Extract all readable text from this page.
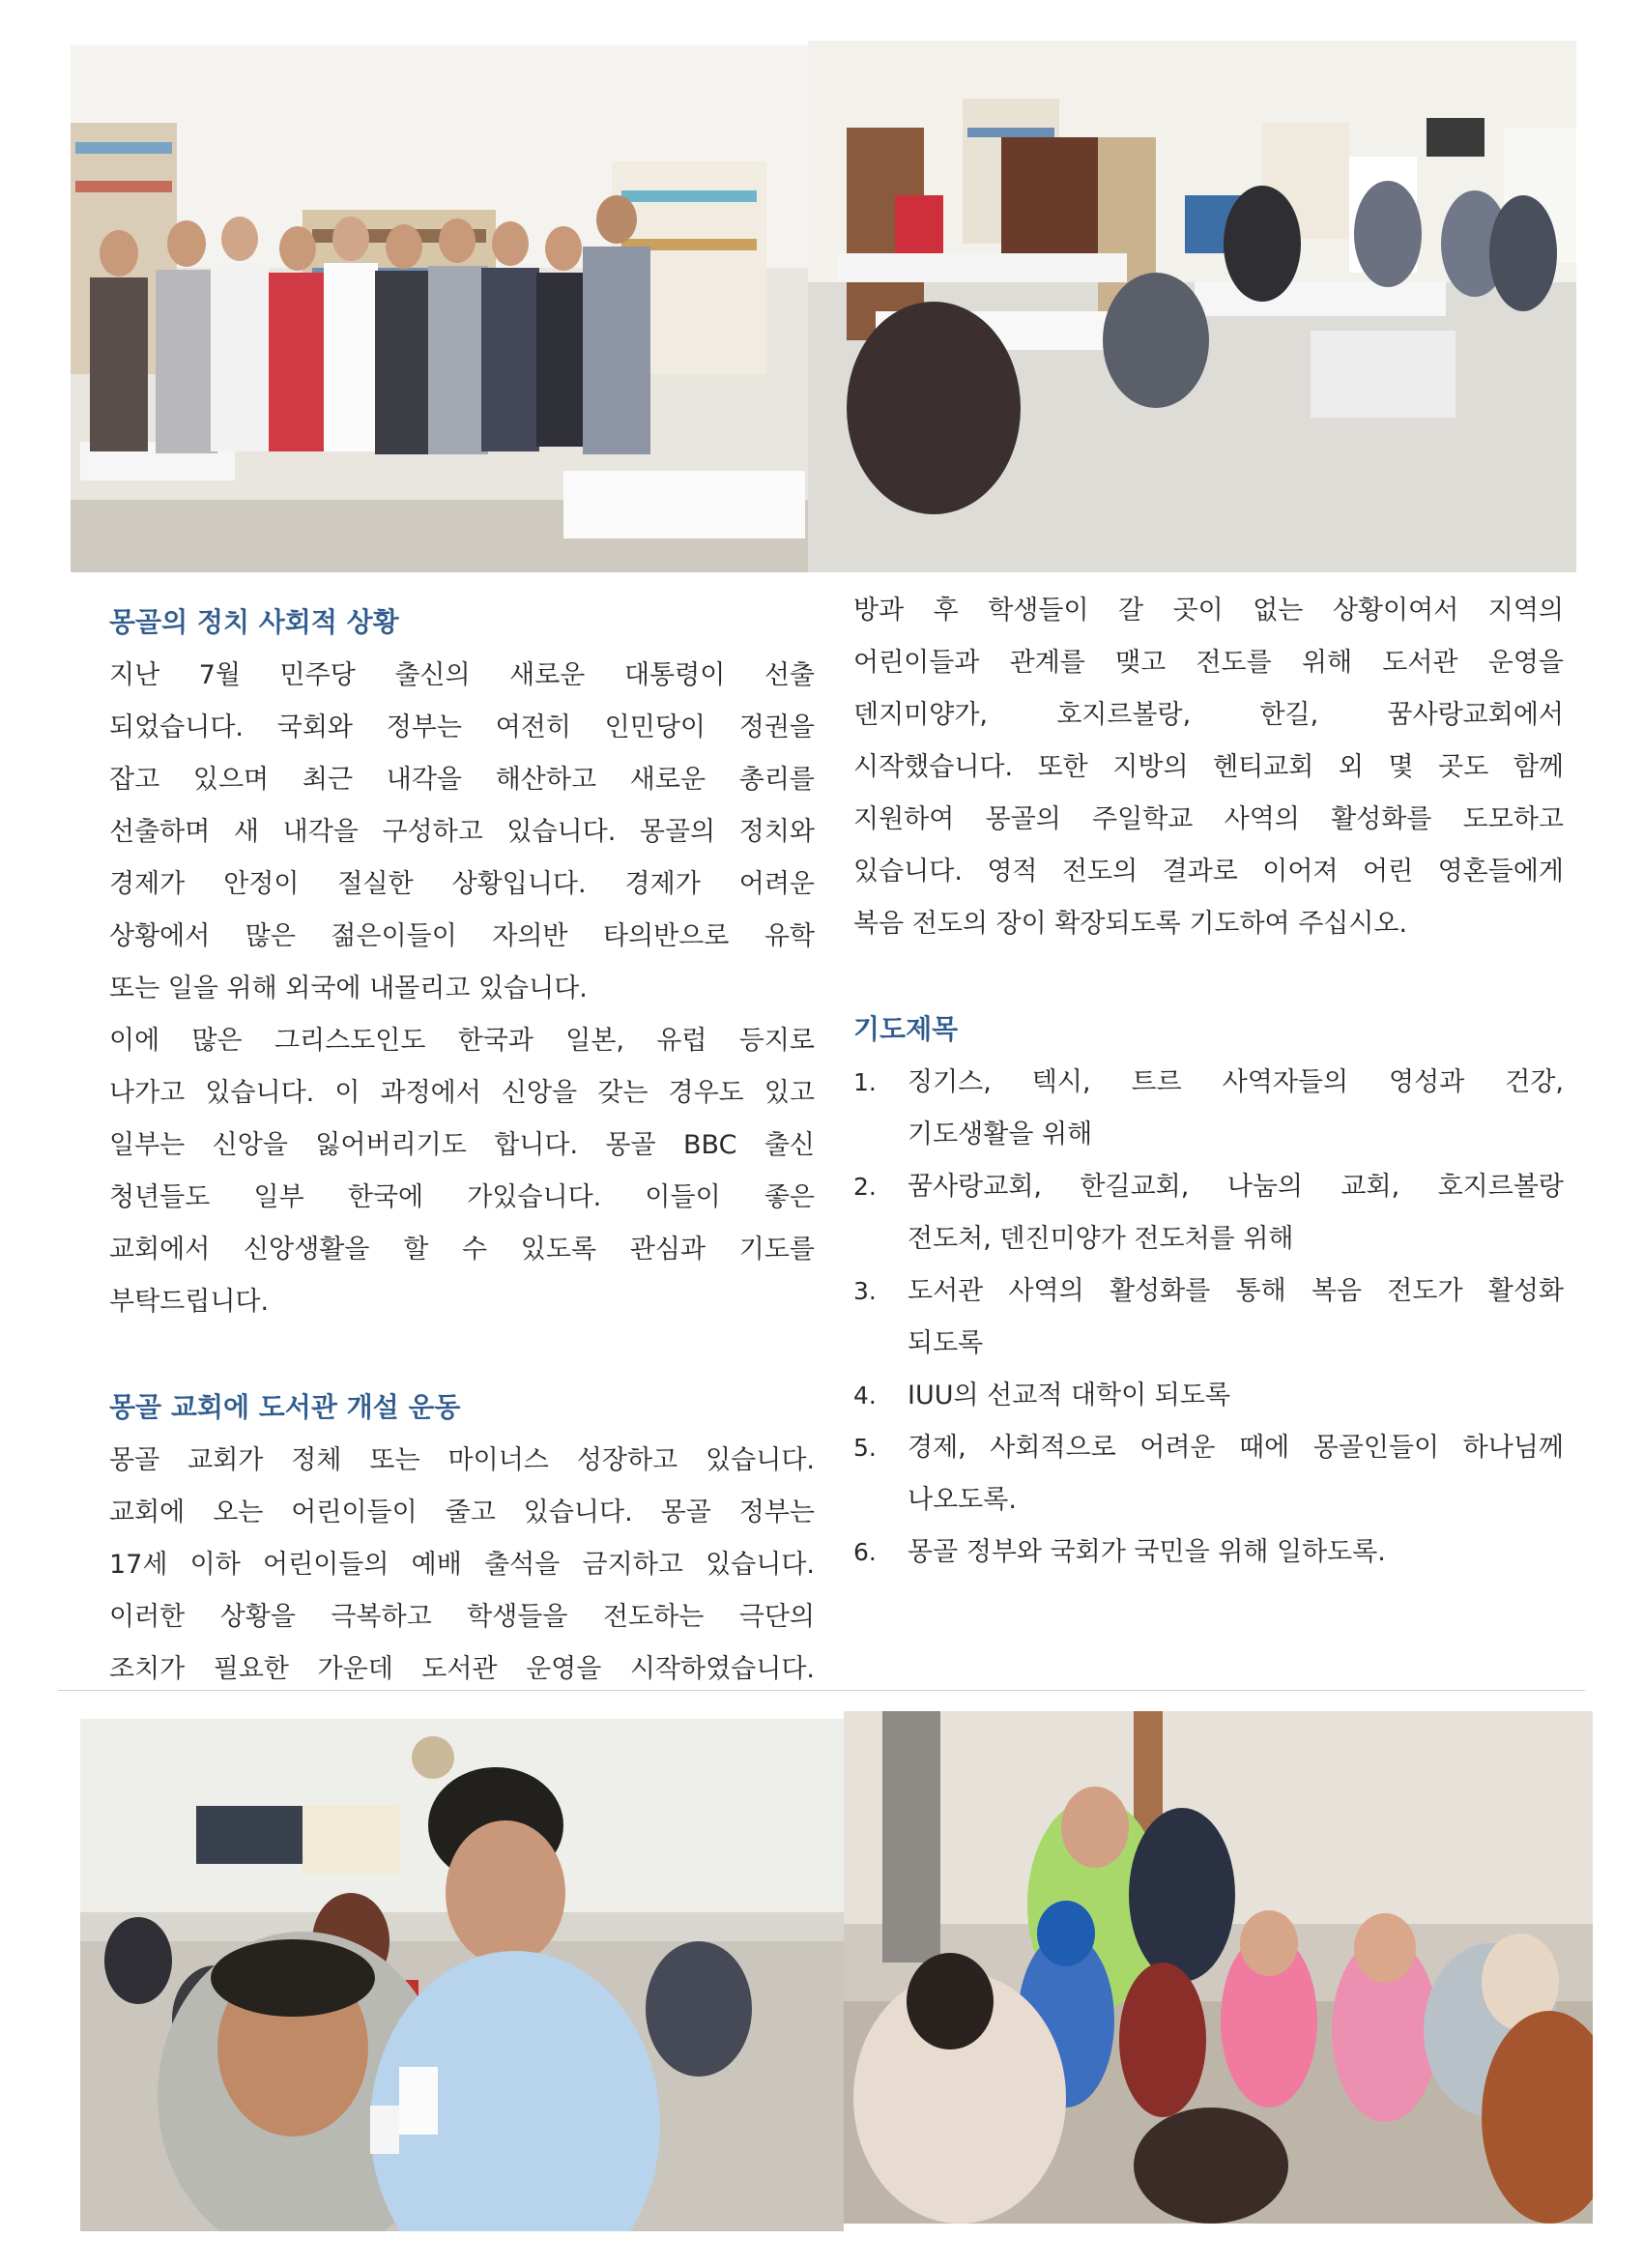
몽골의 정치 사회적 상황

지난 7월 민주당 출신의 새로운 대통령이 선출
되었습니다. 국회와 정부는 여전히 인민당이 정권을
잡고 있으며 최근 내각을 해산하고 새로운 총리를
선출하며 새 내각을 구성하고 있습니다. 몽골의 정치와
경제가 안정이 절실한 상황입니다. 경제가 어려운
상황에서 많은 젊은이들이 자의반 타의반으로 유학
또는 일을 위해 외국에 내몰리고 있습니다.

이에 많은 그리스도인도 한국과 일본, 유럽 등지로
나가고 있습니다. 이 과정에서 신앙을 갖는 경우도 있고
일부는 신앙을 잃어버리기도 합니다. 몽골 BBC 출신
청년들도 일부 한국에 가있습니다. 이들이 좋은
교회에서 신앙생활을 할 수 있도록 관심과 기도를
부탁드립니다.

몽골 교회에 도서관 개설 운동

몽골 교회가 정체 또는 마이너스 성장하고 있습니다.
교회에 오는 어린이들이 줄고 있습니다. 몽골 정부는
17세 이하 어린이들의 예배 출석을 금지하고 있습니다.
이러한 상황을 극복하고 학생들을 전도하는 극단의
조치가 필요한 가운데 도서관 운영을 시작하였습니다.

방과 후 학생들이 갈 곳이 없는 상황이여서 지역의
어린이들과 관계를 맺고 전도를 위해 도서관 운영을
덴지미양가, 호지르볼랑, 한길, 꿈사랑교회에서
시작했습니다. 또한 지방의 헨티교회 외 몇 곳도 함께
지원하여 몽골의 주일학교 사역의 활성화를 도모하고
있습니다. 영적 전도의 결과로 이어져 어린 영혼들에게
복음 전도의 장이 확장되도록 기도하여 주십시오.

기도제목
1. 징기스, 텍시, 트르 사역자들의 영성과 건강,
기도생활을 위해
2. 꿈사랑교회, 한길교회, 나눔의 교회, 호지르볼랑
전도처, 덴진미양가 전도처를 위해
3. 도서관 사역의 활성화를 통해 복음 전도가 활성화
되도록
4. IUU의 선교적 대학이 되도록
5. 경제, 사회적으로 어려운 때에 몽골인들이 하나님께
나오도록.
6. 몽골 정부와 국회가 국민을 위해 일하도록.
